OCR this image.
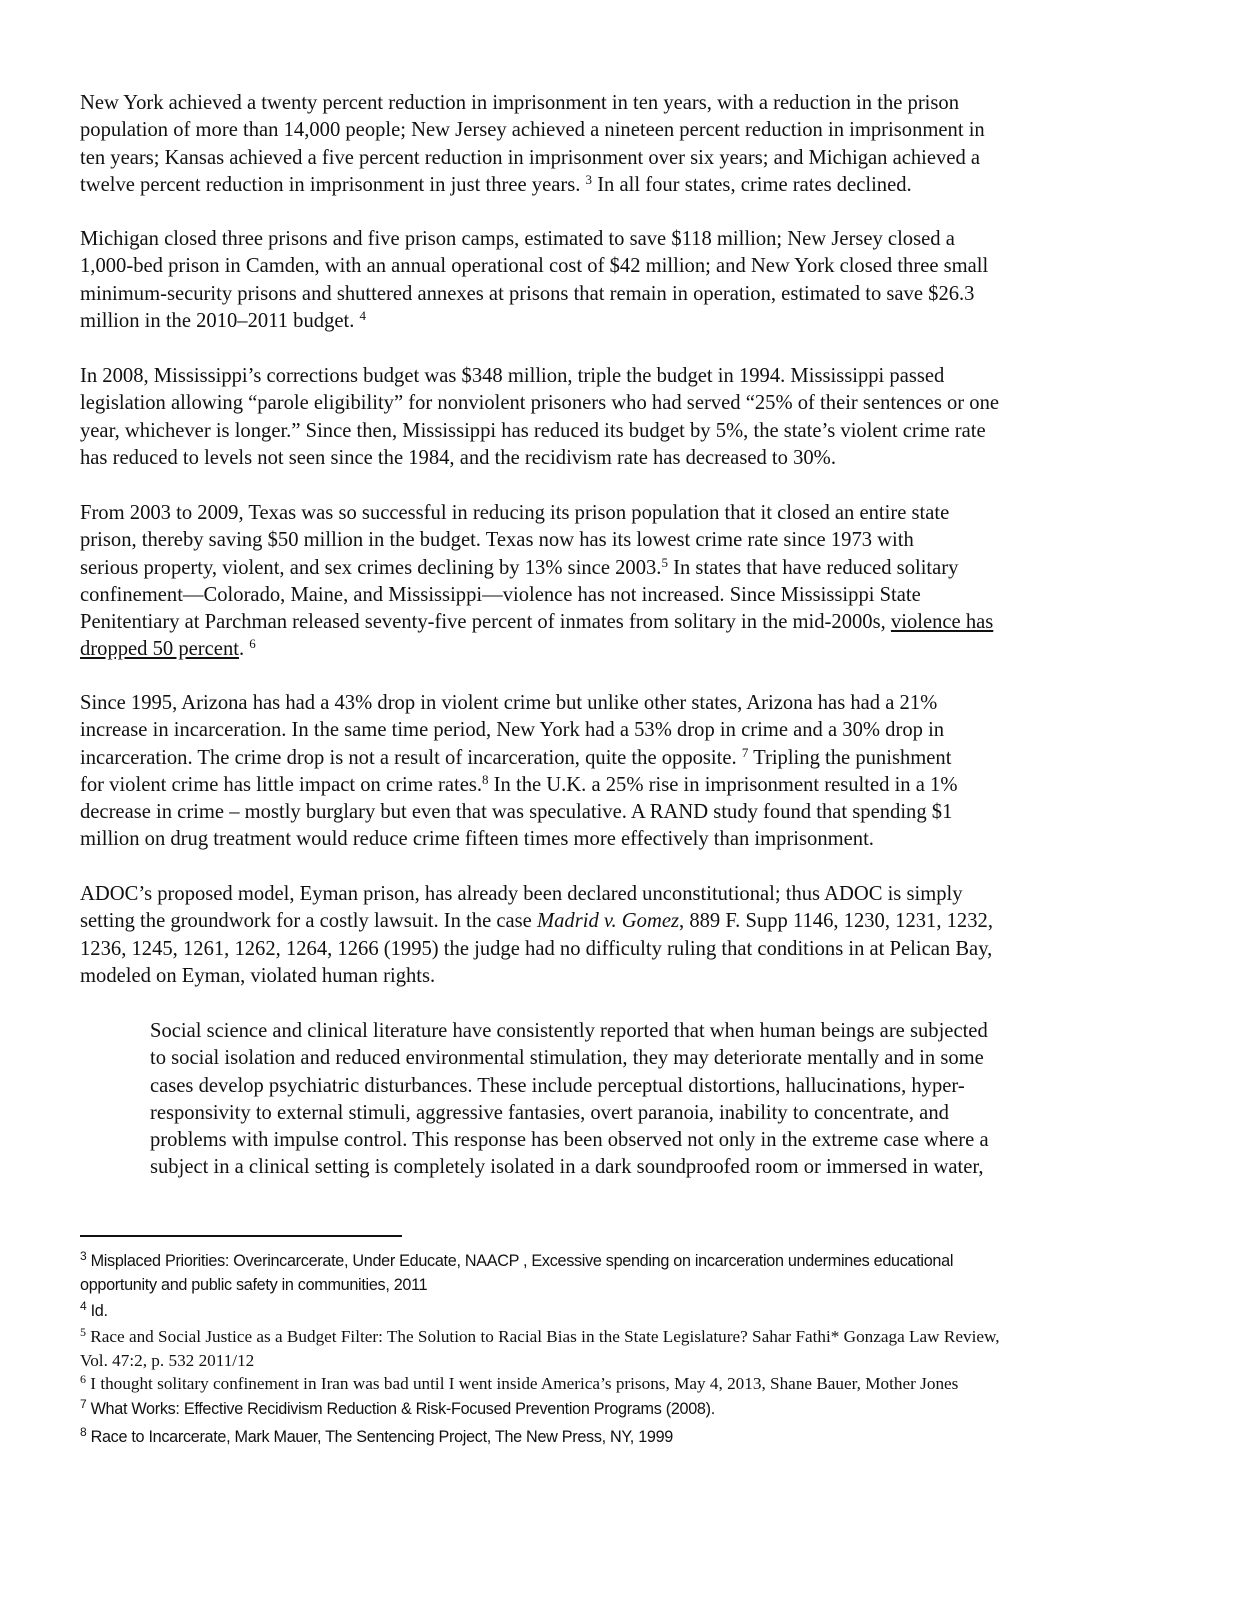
New York achieved a twenty percent reduction in imprisonment in ten years, with a reduction in the prison
population of more than 14,000 people; New Jersey achieved a nineteen percent reduction in imprisonment in
ten years; Kansas achieved a five percent reduction in imprisonment over six years; and Michigan achieved a
twelve percent reduction in imprisonment in just three years. $^3$ In all four states, crime rates declined.
Michigan closed three prisons and five prison camps, estimated to save $118 million; New Jersey closed a
1,000-bed prison in Camden, with an annual operational cost of $42 million; and New York closed three small
minimum-security prisons and shuttered annexes at prisons that remain in operation, estimated to save $26.3
million in the 2010–2011 budget. $^4$
In 2008, Mississippi’s corrections budget was $348 million, triple the budget in 1994. Mississippi passed
legislation allowing “parole eligibility” for nonviolent prisoners who had served “25% of their sentences or one
year, whichever is longer.” Since then, Mississippi has reduced its budget by 5%, the state’s violent crime rate
has reduced to levels not seen since the 1984, and the recidivism rate has decreased to 30%.
From 2003 to 2009, Texas was so successful in reducing its prison population that it closed an entire state
prison, thereby saving $50 million in the budget. Texas now has its lowest crime rate since 1973 with
serious property, violent, and sex crimes declining by 13% since 2003.$^5$ In states that have reduced solitary
confinement—Colorado, Maine, and Mississippi—violence has not increased. Since Mississippi State
Penitentiary at Parchman released seventy-five percent of inmates from solitary in the mid-2000s, violence has
dropped 50 percent. $^6$
Since 1995, Arizona has had a 43% drop in violent crime but unlike other states, Arizona has had a 21%
increase in incarceration. In the same time period, New York had a 53% drop in crime and a 30% drop in
incarceration. The crime drop is not a result of incarceration, quite the opposite. $^7$ Tripling the punishment
for violent crime has little impact on crime rates.$^8$ In the U.K. a 25% rise in imprisonment resulted in a 1%
decrease in crime – mostly burglary but even that was speculative. A RAND study found that spending $1
million on drug treatment would reduce crime fifteen times more effectively than imprisonment.
ADOC’s proposed model, Eyman prison, has already been declared unconstitutional; thus ADOC is simply
setting the groundwork for a costly lawsuit. In the case Madrid v. Gomez, 889 F. Supp 1146, 1230, 1231, 1232,
1236, 1245, 1261, 1262, 1264, 1266 (1995) the judge had no difficulty ruling that conditions in at Pelican Bay,
modeled on Eyman, violated human rights.
Social science and clinical literature have consistently reported that when human beings are subjected
to social isolation and reduced environmental stimulation, they may deteriorate mentally and in some
cases develop psychiatric disturbances. These include perceptual distortions, hallucinations, hyper-
responsivity to external stimuli, aggressive fantasies, overt paranoia, inability to concentrate, and
problems with impulse control. This response has been observed not only in the extreme case where a
subject in a clinical setting is completely isolated in a dark soundproofed room or immersed in water,
$^3$ Misplaced Priorities: Overincarcerate, Under Educate, NAACP , Excessive spending on incarceration undermines educational
opportunity and public safety in communities, 2011
$^4$ Id.
$^5$ Race and Social Justice as a Budget Filter: The Solution to Racial Bias in the State Legislature? Sahar Fathi* Gonzaga Law Review,
Vol. 47:2, p. 532 2011/12
$^6$ I thought solitary confinement in Iran was bad until I went inside America’s prisons, May 4, 2013, Shane Bauer, Mother Jones
$^7$ What Works: Effective Recidivism Reduction & Risk-Focused Prevention Programs (2008).
$^8$ Race to Incarcerate, Mark Mauer, The Sentencing Project, The New Press, NY, 1999
